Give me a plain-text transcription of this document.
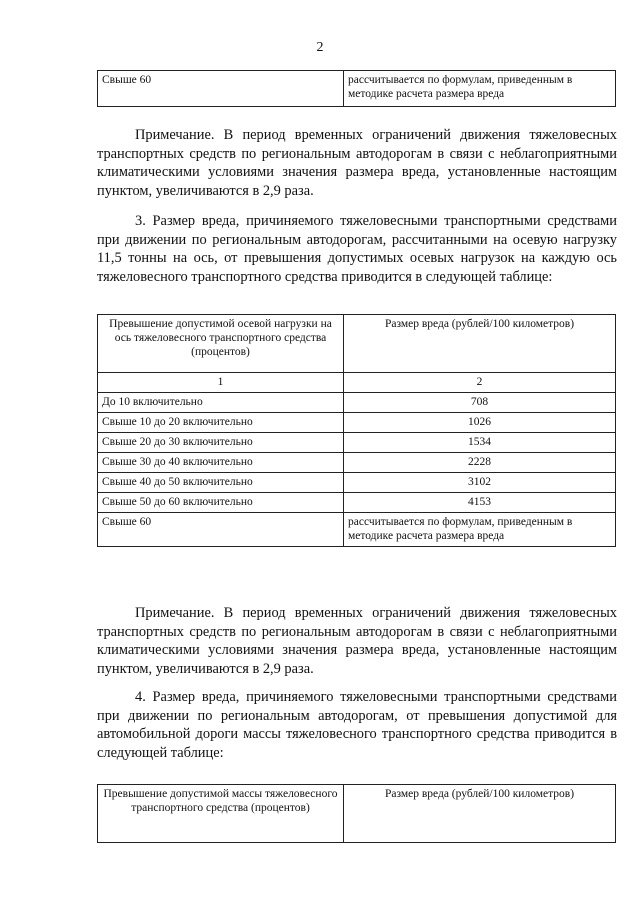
2
Свыше 60	рассчитывается по формулам, приведенным в методике расчета размера вреда

Примечание. В период временных ограничений движения тяжеловесных транспортных средств по региональным автодорогам в связи с неблагоприятными климатическими условиями значения размера вреда, установленные настоящим пунктом, увеличиваются в 2,9 раза.

3. Размер вреда, причиняемого тяжеловесными транспортными средствами при движении по региональным автодорогам, рассчитанными на осевую нагрузку 11,5 тонны на ось, от превышения допустимых осевых нагрузок на каждую ось тяжеловесного транспортного средства приводится в следующей таблице:

Превышение допустимой осевой нагрузки на ось тяжеловесного транспортного средства (процентов)	Размер вреда (рублей/100 километров)
1	2
До 10 включительно	708
Свыше 10 до 20 включительно	1026
Свыше 20 до 30 включительно	1534
Свыше 30 до 40 включительно	2228
Свыше 40 до 50 включительно	3102
Свыше 50 до 60 включительно	4153
Свыше 60	рассчитывается по формулам, приведенным в методике расчета размера вреда

Примечание. В период временных ограничений движения тяжеловесных транспортных средств по региональным автодорогам в связи с неблагоприятными климатическими условиями значения размера вреда, установленные настоящим пунктом, увеличиваются в 2,9 раза.

4. Размер вреда, причиняемого тяжеловесными транспортными средствами при движении по региональным автодорогам, от превышения допустимой для автомобильной дороги массы тяжеловесного транспортного средства приводится в следующей таблице:

Превышение допустимой массы тяжеловесного транспортного средства (процентов)	Размер вреда (рублей/100 километров)
